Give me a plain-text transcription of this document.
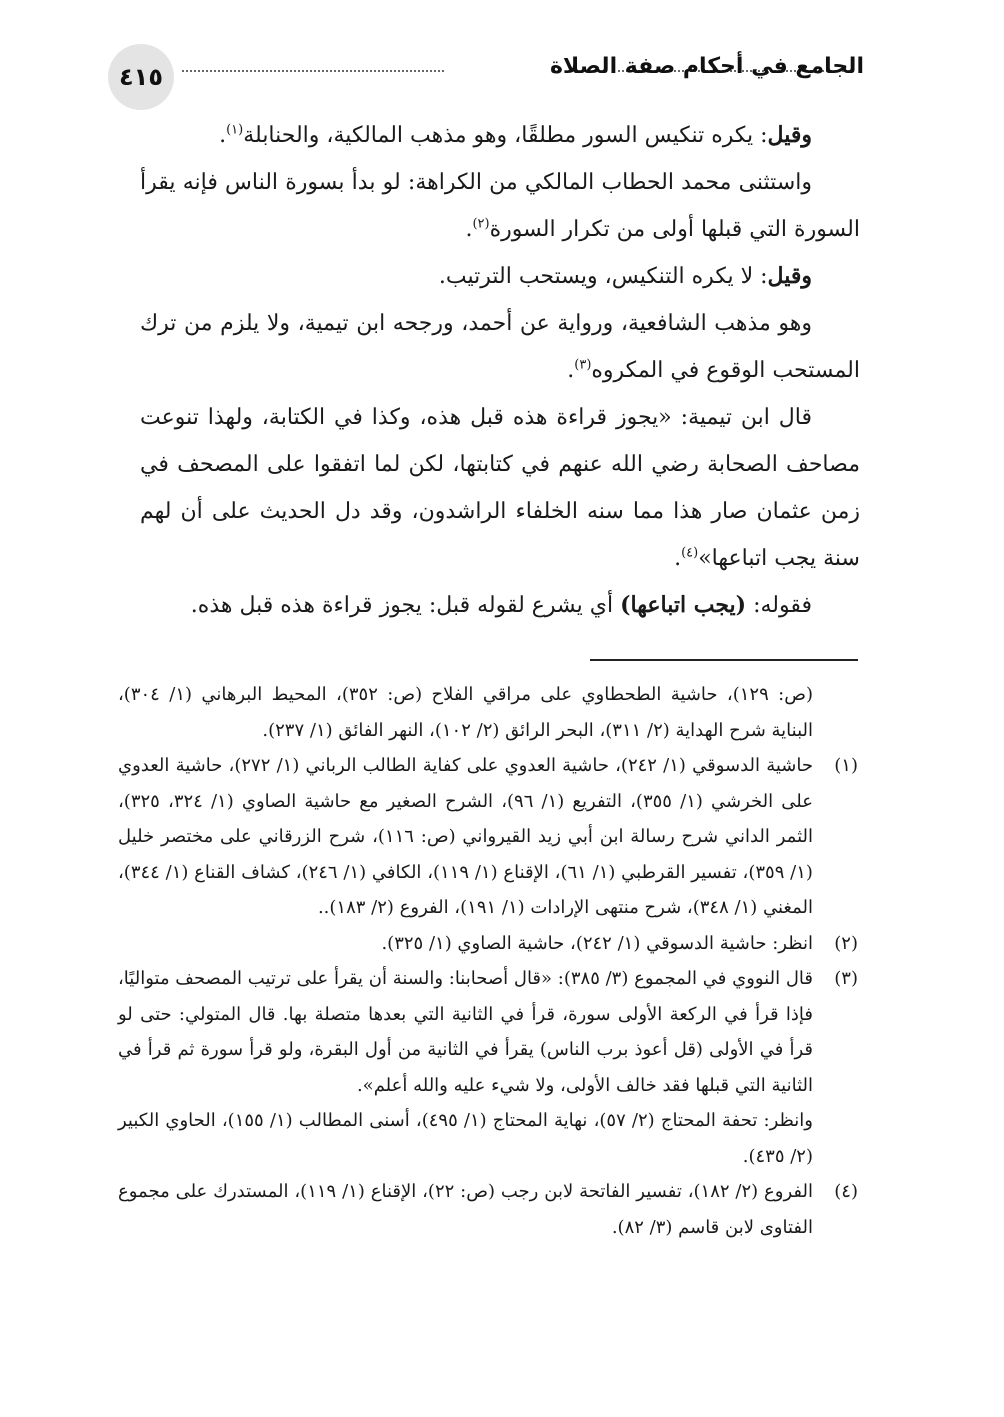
٤١٥	الجامع في أحكام صفة الصلاة

وقيل: يكره تنكيس السور مطلقًا، وهو مذهب المالكية، والحنابلة$^{(١)}$.

واستثنى محمد الحطاب المالكي من الكراهة: لو بدأ بسورة الناس فإنه يقرأ السورة التي قبلها أولى من تكرار السورة$^{(٢)}$.

وقيل: لا يكره التنكيس، ويستحب الترتيب.

وهو مذهب الشافعية، ورواية عن أحمد، ورجحه ابن تيمية، ولا يلزم من ترك المستحب الوقوع في المكروه$^{(٣)}$.

قال ابن تيمية: «يجوز قراءة هذه قبل هذه، وكذا في الكتابة، ولهذا تنوعت مصاحف الصحابة رضي الله عنهم في كتابتها، لكن لما اتفقوا على المصحف في زمن عثمان صار هذا مما سنه الخلفاء الراشدون، وقد دل الحديث على أن لهم سنة يجب اتباعها»$^{(٤)}$.

فقوله: (يجب اتباعها) أي يشرع لقوله قبل: يجوز قراءة هذه قبل هذه.

(ص: ١٢٩)، حاشية الطحطاوي على مراقي الفلاح (ص: ٣٥٢)، المحيط البرهاني (١/ ٣٠٤)، البناية شرح الهداية (٢/ ٣١١)، البحر الرائق (٢/ ١٠٢)، النهر الفائق (١/ ٢٣٧).

(١)

حاشية الدسوقي (١/ ٢٤٢)، حاشية العدوي على كفاية الطالب الرباني (١/ ٢٧٢)، حاشية العدوي على الخرشي (١/ ٣٥٥)، التفريع (١/ ٩٦)، الشرح الصغير مع حاشية الصاوي (١/ ٣٢٤، ٣٢٥)، الثمر الداني شرح رسالة ابن أبي زيد القيرواني (ص: ١١٦)، شرح الزرقاني على مختصر خليل (١/ ٣٥٩)، تفسير القرطبي (١/ ٦١)، الإقناع (١/ ١١٩)، الكافي (١/ ٢٤٦)، كشاف القناع (١/ ٣٤٤)، المغني (١/ ٣٤٨)، شرح منتهى الإرادات (١/ ١٩١)، الفروع (٢/ ١٨٣)..

(٢)

انظر: حاشية الدسوقي (١/ ٢٤٢)، حاشية الصاوي (١/ ٣٢٥).

(٣)

قال النووي في المجموع (٣/ ٣٨٥): «قال أصحابنا: والسنة أن يقرأ على ترتيب المصحف متواليًا، فإذا قرأ في الركعة الأولى سورة، قرأ في الثانية التي بعدها متصلة بها. قال المتولي: حتى لو قرأ في الأولى (قل أعوذ برب الناس) يقرأ في الثانية من أول البقرة، ولو قرأ سورة ثم قرأ في الثانية التي قبلها فقد خالف الأولى، ولا شيء عليه والله أعلم».

وانظر: تحفة المحتاج (٢/ ٥٧)، نهاية المحتاج (١/ ٤٩٥)، أسنى المطالب (١/ ١٥٥)، الحاوي الكبير (٢/ ٤٣٥).

(٤)

الفروع (٢/ ١٨٢)، تفسير الفاتحة لابن رجب (ص: ٢٢)، الإقناع (١/ ١١٩)، المستدرك على مجموع الفتاوى لابن قاسم (٣/ ٨٢).
